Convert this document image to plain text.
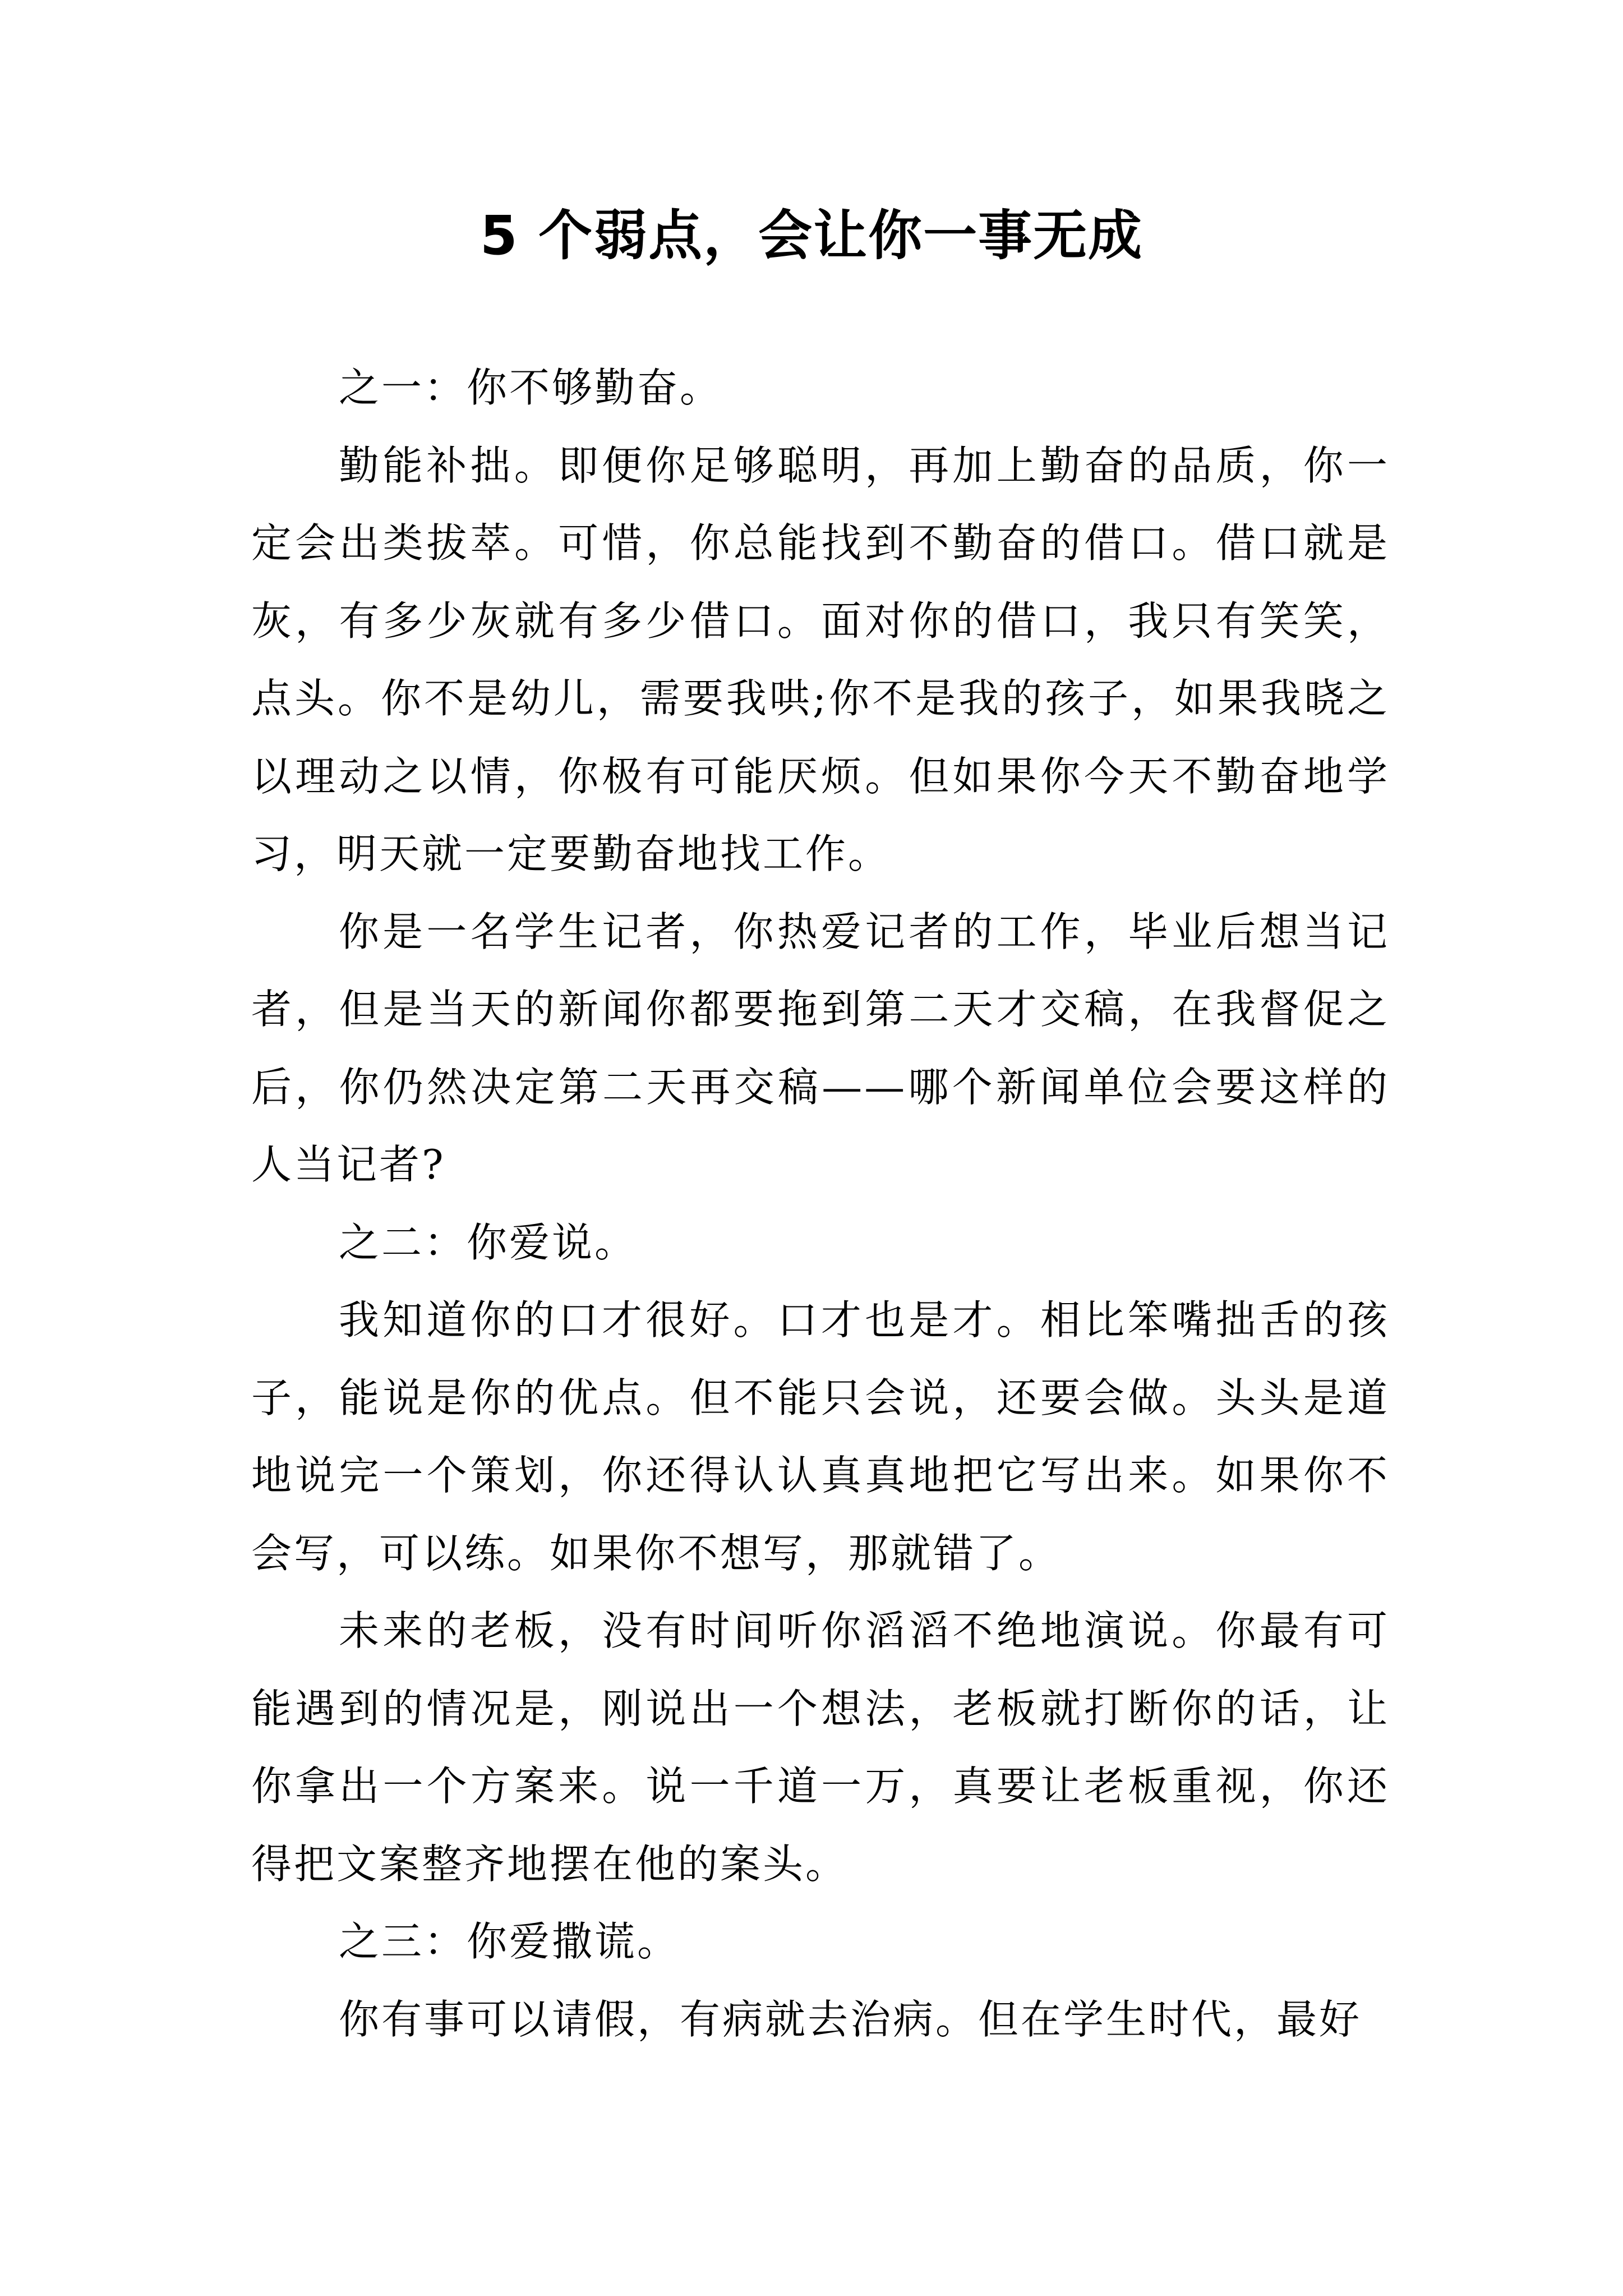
5 个弱点，会让你一事无成

之一：你不够勤奋。

勤能补拙。即便你足够聪明，再加上勤奋的品质，你一定会出类拔萃。可惜，你总能找到不勤奋的借口。借口就是灰，有多少灰就有多少借口。面对你的借口，我只有笑笑，点头。你不是幼儿，需要我哄;你不是我的孩子，如果我晓之以理动之以情，你极有可能厌烦。但如果你今天不勤奋地学习，明天就一定要勤奋地找工作。

你是一名学生记者，你热爱记者的工作，毕业后想当记者，但是当天的新闻你都要拖到第二天才交稿，在我督促之后，你仍然决定第二天再交稿——哪个新闻单位会要这样的人当记者?

之二：你爱说。

我知道你的口才很好。口才也是才。相比笨嘴拙舌的孩子，能说是你的优点。但不能只会说，还要会做。头头是道地说完一个策划，你还得认认真真地把它写出来。如果你不会写，可以练。如果你不想写，那就错了。

未来的老板，没有时间听你滔滔不绝地演说。你最有可能遇到的情况是，刚说出一个想法，老板就打断你的话，让你拿出一个方案来。说一千道一万，真要让老板重视，你还得把文案整齐地摆在他的案头。

之三：你爱撒谎。

你有事可以请假，有病就去治病。但在学生时代，最好
